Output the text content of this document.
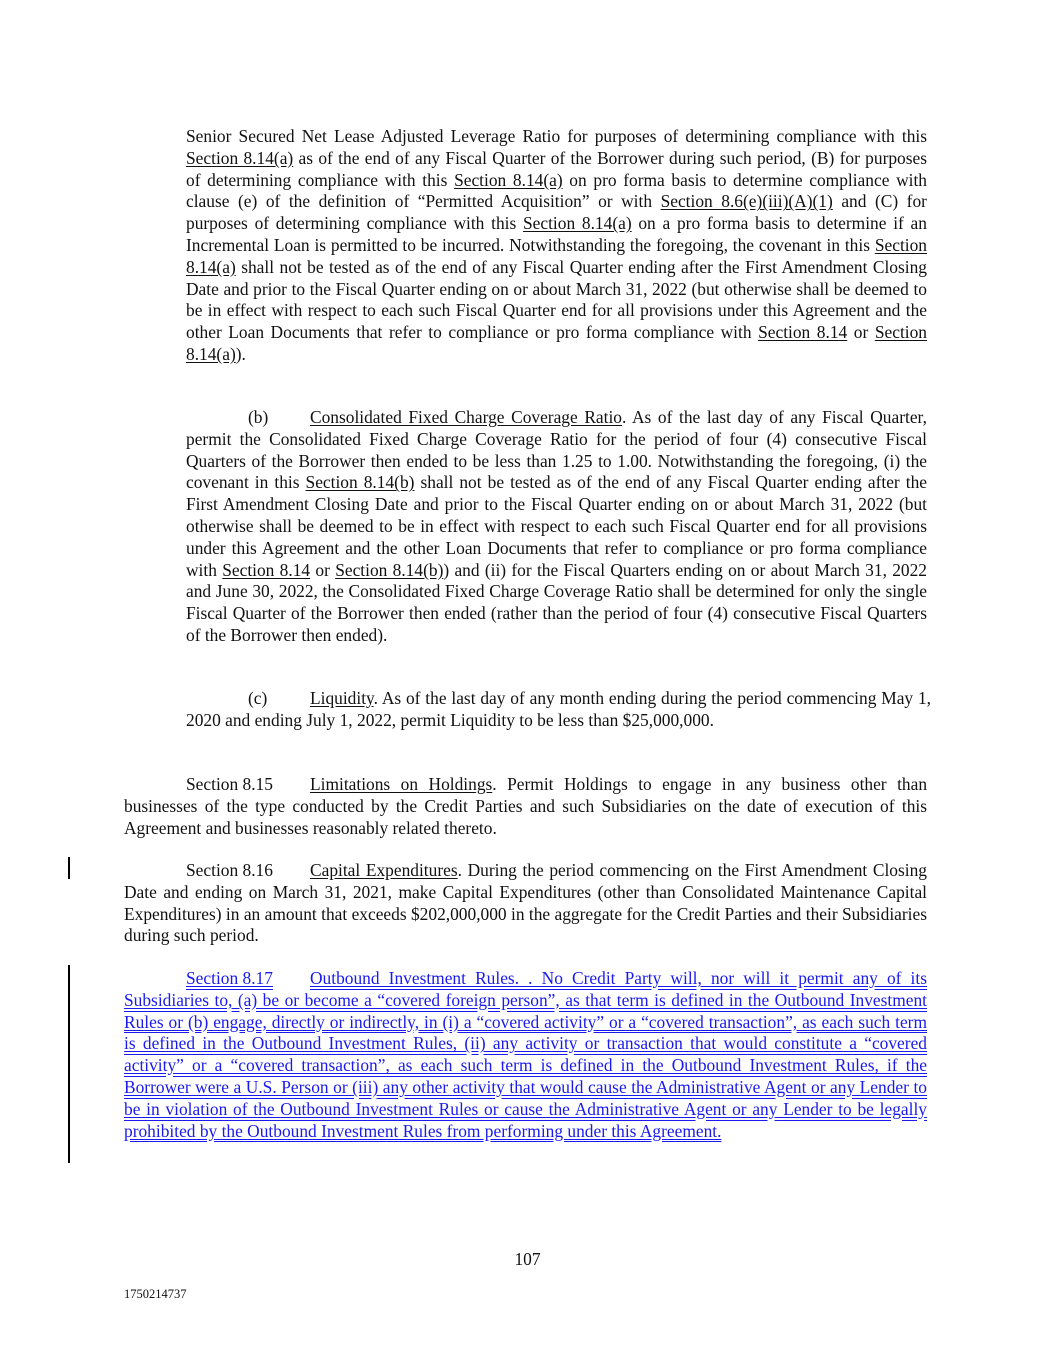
Senior Secured Net Lease Adjusted Leverage Ratio for purposes of determining compliance with this Section 8.14(a) as of the end of any Fiscal Quarter of the Borrower during such period, (B) for purposes of determining compliance with this Section 8.14(a) on pro forma basis to determine compliance with clause (e) of the definition of “Permitted Acquisition” or with Section 8.6(e)(iii)(A)(1) and (C) for purposes of determining compliance with this Section 8.14(a) on a pro forma basis to determine if an Incremental Loan is permitted to be incurred. Notwithstanding the foregoing, the covenant in this Section 8.14(a) shall not be tested as of the end of any Fiscal Quarter ending after the First Amendment Closing Date and prior to the Fiscal Quarter ending on or about March 31, 2022 (but otherwise shall be deemed to be in effect with respect to each such Fiscal Quarter end for all provisions under this Agreement and the other Loan Documents that refer to compliance or pro forma compliance with Section 8.14 or Section 8.14(a)).

(b) Consolidated Fixed Charge Coverage Ratio. As of the last day of any Fiscal Quarter, permit the Consolidated Fixed Charge Coverage Ratio for the period of four (4) consecutive Fiscal Quarters of the Borrower then ended to be less than 1.25 to 1.00. Notwithstanding the foregoing, (i) the covenant in this Section 8.14(b) shall not be tested as of the end of any Fiscal Quarter ending after the First Amendment Closing Date and prior to the Fiscal Quarter ending on or about March 31, 2022 (but otherwise shall be deemed to be in effect with respect to each such Fiscal Quarter end for all provisions under this Agreement and the other Loan Documents that refer to compliance or pro forma compliance with Section 8.14 or Section 8.14(b)) and (ii) for the Fiscal Quarters ending on or about March 31, 2022 and June 30, 2022, the Consolidated Fixed Charge Coverage Ratio shall be determined for only the single Fiscal Quarter of the Borrower then ended (rather than the period of four (4) consecutive Fiscal Quarters of the Borrower then ended).

(c) Liquidity. As of the last day of any month ending during the period commencing May 1, 2020 and ending July 1, 2022, permit Liquidity to be less than $25,000,000.

Section 8.15 Limitations on Holdings. Permit Holdings to engage in any business other than businesses of the type conducted by the Credit Parties and such Subsidiaries on the date of execution of this Agreement and businesses reasonably related thereto.

Section 8.16 Capital Expenditures. During the period commencing on the First Amendment Closing Date and ending on March 31, 2021, make Capital Expenditures (other than Consolidated Maintenance Capital Expenditures) in an amount that exceeds $202,000,000 in the aggregate for the Credit Parties and their Subsidiaries during such period.

Section 8.17 Outbound Investment Rules. . No Credit Party will, nor will it permit any of its Subsidiaries to, (a) be or become a “covered foreign person”, as that term is defined in the Outbound Investment Rules or (b) engage, directly or indirectly, in (i) a “covered activity” or a “covered transaction”, as each such term is defined in the Outbound Investment Rules, (ii) any activity or transaction that would constitute a “covered activity” or a “covered transaction”, as each such term is defined in the Outbound Investment Rules, if the Borrower were a U.S. Person or (iii) any other activity that would cause the Administrative Agent or any Lender to be in violation of the Outbound Investment Rules or cause the Administrative Agent or any Lender to be legally prohibited by the Outbound Investment Rules from performing under this Agreement.

107
1750214737
